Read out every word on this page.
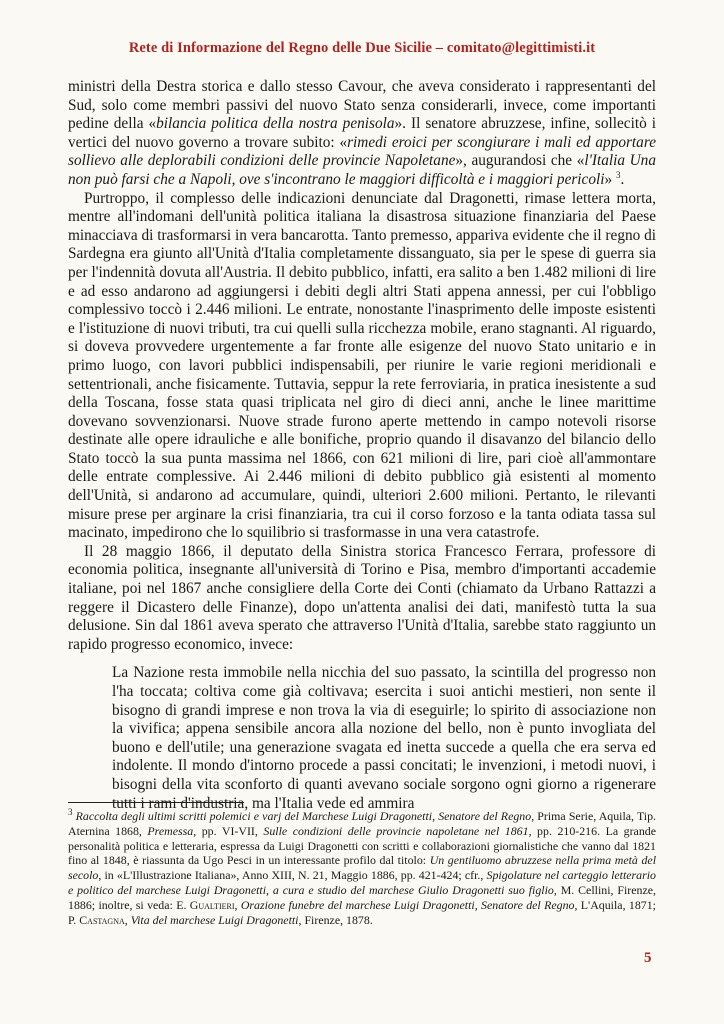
Rete di Informazione del Regno delle Due Sicilie – comitato@legittimisti.it

ministri della Destra storica e dallo stesso Cavour, che aveva considerato i rappresentanti del Sud, solo come membri passivi del nuovo Stato senza considerarli, invece, come importanti pedine della «bilancia politica della nostra penisola». Il senatore abruzzese, infine, sollecitò i vertici del nuovo governo a trovare subito: «rimedi eroici per scongiurare i mali ed apportare sollievo alle deplorabili condizioni delle provincie Napoletane», augurandosi che «l'Italia Una non può farsi che a Napoli, ove s'incontrano le maggiori difficoltà e i maggiori pericoli» $^3$.

Purtroppo, il complesso delle indicazioni denunciate dal Dragonetti, rimase lettera morta, mentre all'indomani dell'unità politica italiana la disastrosa situazione finanziaria del Paese minacciava di trasformarsi in vera bancarotta. Tanto premesso, appariva evidente che il regno di Sardegna era giunto all'Unità d'Italia completamente dissanguato, sia per le spese di guerra sia per l'indennità dovuta all'Austria. Il debito pubblico, infatti, era salito a ben 1.482 milioni di lire e ad esso andarono ad aggiungersi i debiti degli altri Stati appena annessi, per cui l'obbligo complessivo toccò i 2.446 milioni. Le entrate, nonostante l'inasprimento delle imposte esistenti e l'istituzione di nuovi tributi, tra cui quelli sulla ricchezza mobile, erano stagnanti. Al riguardo, si doveva provvedere urgentemente a far fronte alle esigenze del nuovo Stato unitario e in primo luogo, con lavori pubblici indispensabili, per riunire le varie regioni meridionali e settentrionali, anche fisicamente. Tuttavia, seppur la rete ferroviaria, in pratica inesistente a sud della Toscana, fosse stata quasi triplicata nel giro di dieci anni, anche le linee marittime dovevano sovvenzionarsi. Nuove strade furono aperte mettendo in campo notevoli risorse destinate alle opere idrauliche e alle bonifiche, proprio quando il disavanzo del bilancio dello Stato toccò la sua punta massima nel 1866, con 621 milioni di lire, pari cioè all'ammontare delle entrate complessive. Ai 2.446 milioni di debito pubblico già esistenti al momento dell'Unità, si andarono ad accumulare, quindi, ulteriori 2.600 milioni. Pertanto, le rilevanti misure prese per arginare la crisi finanziaria, tra cui il corso forzoso e la tanta odiata tassa sul macinato, impedirono che lo squilibrio si trasformasse in una vera catastrofe.

Il 28 maggio 1866, il deputato della Sinistra storica Francesco Ferrara, professore di economia politica, insegnante all'università di Torino e Pisa, membro d'importanti accademie italiane, poi nel 1867 anche consigliere della Corte dei Conti (chiamato da Urbano Rattazzi a reggere il Dicastero delle Finanze), dopo un'attenta analisi dei dati, manifestò tutta la sua delusione. Sin dal 1861 aveva sperato che attraverso l'Unità d'Italia, sarebbe stato raggiunto un rapido progresso economico, invece:

La Nazione resta immobile nella nicchia del suo passato, la scintilla del progresso non l'ha toccata; coltiva come già coltivava; esercita i suoi antichi mestieri, non sente il bisogno di grandi imprese e non trova la via di eseguirle; lo spirito di associazione non la vivifica; appena sensibile ancora alla nozione del bello, non è punto invogliata del buono e dell'utile; una generazione svagata ed inetta succede a quella che era serva ed indolente. Il mondo d'intorno procede a passi concitati; le invenzioni, i metodi nuovi, i bisogni della vita sconforto di quanti avevano sociale sorgono ogni giorno a rigenerare tutti i rami d'industria, ma l'Italia vede ed ammira
$^3$ Raccolta degli ultimi scritti polemici e varj del Marchese Luigi Dragonetti, Senatore del Regno, Prima Serie, Aquila, Tip. Aternina 1868, Premessa, pp. VI-VII, Sulle condizioni delle provincie napoletane nel 1861, pp. 210-216. La grande personalità politica e letteraria, espressa da Luigi Dragonetti con scritti e collaborazioni giornalistiche che vanno dal 1821 fino al 1848, è riassunta da Ugo Pesci in un interessante profilo dal titolo: Un gentiluomo abruzzese nella prima metà del secolo, in «L'Illustrazione Italiana», Anno XIII, N. 21, Maggio 1886, pp. 421-424; cfr., Spigolature nel carteggio letterario e politico del marchese Luigi Dragonetti, a cura e studio del marchese Giulio Dragonetti suo figlio, M. Cellini, Firenze, 1886; inoltre, si veda: E. Gualtieri, Orazione funebre del marchese Luigi Dragonetti, Senatore del Regno, L'Aquila, 1871; P. Castagna, Vita del marchese Luigi Dragonetti, Firenze, 1878.
5
